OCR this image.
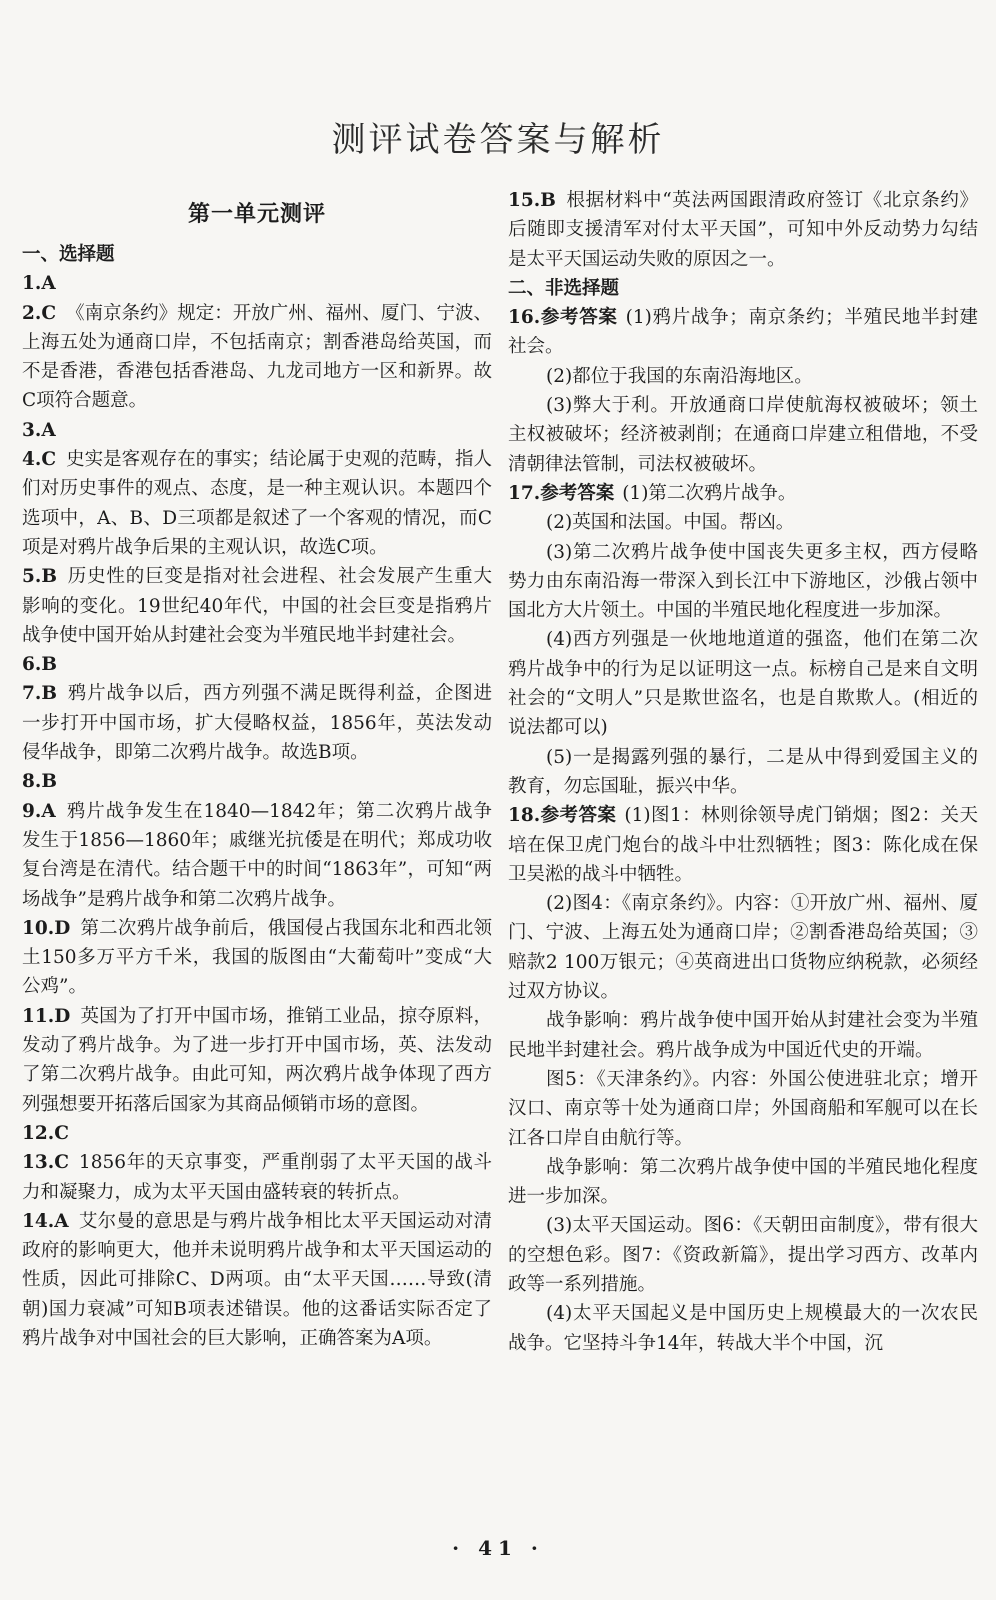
测评试卷答案与解析
第一单元测评
一、选择题

1.A

2.C 《南京条约》规定：开放广州、福州、厦门、宁波、上海五处为通商口岸，不包括南京；割香港岛给英国，而不是香港，香港包括香港岛、九龙司地方一区和新界。故C项符合题意。

3.A

4.C 史实是客观存在的事实；结论属于史观的范畴，指人们对历史事件的观点、态度，是一种主观认识。本题四个选项中，A、B、D三项都是叙述了一个客观的情况，而C项是对鸦片战争后果的主观认识，故选C项。

5.B 历史性的巨变是指对社会进程、社会发展产生重大影响的变化。19世纪40年代，中国的社会巨变是指鸦片战争使中国开始从封建社会变为半殖民地半封建社会。

6.B

7.B 鸦片战争以后，西方列强不满足既得利益，企图进一步打开中国市场，扩大侵略权益，1856年，英法发动侵华战争，即第二次鸦片战争。故选B项。

8.B

9.A 鸦片战争发生在1840—1842年；第二次鸦片战争发生于1856—1860年；戚继光抗倭是在明代；郑成功收复台湾是在清代。结合题干中的时间“1863年”，可知“两场战争”是鸦片战争和第二次鸦片战争。

10.D 第二次鸦片战争前后，俄国侵占我国东北和西北领土150多万平方千米，我国的版图由“大葡萄叶”变成“大公鸡”。

11.D 英国为了打开中国市场，推销工业品，掠夺原料，发动了鸦片战争。为了进一步打开中国市场，英、法发动了第二次鸦片战争。由此可知，两次鸦片战争体现了西方列强想要开拓落后国家为其商品倾销市场的意图。

12.C

13.C 1856年的天京事变，严重削弱了太平天国的战斗力和凝聚力，成为太平天国由盛转衰的转折点。

14.A 艾尔曼的意思是与鸦片战争相比太平天国运动对清政府的影响更大，他并未说明鸦片战争和太平天国运动的性质，因此可排除C、D两项。由“太平天国……导致(清朝)国力衰减”可知B项表述错误。他的这番话实际否定了鸦片战争对中国社会的巨大影响，正确答案为A项。

15.B 根据材料中“英法两国跟清政府签订《北京条约》后随即支援清军对付太平天国”，可知中外反动势力勾结是太平天国运动失败的原因之一。

二、非选择题

16.参考答案 (1)鸦片战争；南京条约；半殖民地半封建社会。

(2)都位于我国的东南沿海地区。

(3)弊大于利。开放通商口岸使航海权被破坏；领土主权被破坏；经济被剥削；在通商口岸建立租借地，不受清朝律法管制，司法权被破坏。

17.参考答案 (1)第二次鸦片战争。

(2)英国和法国。中国。帮凶。

(3)第二次鸦片战争使中国丧失更多主权，西方侵略势力由东南沿海一带深入到长江中下游地区，沙俄占领中国北方大片领土。中国的半殖民地化程度进一步加深。

(4)西方列强是一伙地地道道的强盗，他们在第二次鸦片战争中的行为足以证明这一点。标榜自己是来自文明社会的“文明人”只是欺世盗名，也是自欺欺人。(相近的说法都可以)

(5)一是揭露列强的暴行，二是从中得到爱国主义的教育，勿忘国耻，振兴中华。

18.参考答案 (1)图1：林则徐领导虎门销烟；图2：关天培在保卫虎门炮台的战斗中壮烈牺牲；图3：陈化成在保卫吴淞的战斗中牺牲。

(2)图4：《南京条约》。内容：①开放广州、福州、厦门、宁波、上海五处为通商口岸；②割香港岛给英国；③赔款2 100万银元；④英商进出口货物应纳税款，必须经过双方协议。

战争影响：鸦片战争使中国开始从封建社会变为半殖民地半封建社会。鸦片战争成为中国近代史的开端。

图5：《天津条约》。内容：外国公使进驻北京；增开汉口、南京等十处为通商口岸；外国商船和军舰可以在长江各口岸自由航行等。

战争影响：第二次鸦片战争使中国的半殖民地化程度进一步加深。

(3)太平天国运动。图6：《天朝田亩制度》，带有很大的空想色彩。图7：《资政新篇》，提出学习西方、改革内政等一系列措施。

(4)太平天国起义是中国历史上规模最大的一次农民战争。它坚持斗争14年，转战大半个中国，沉

· 41 ·
